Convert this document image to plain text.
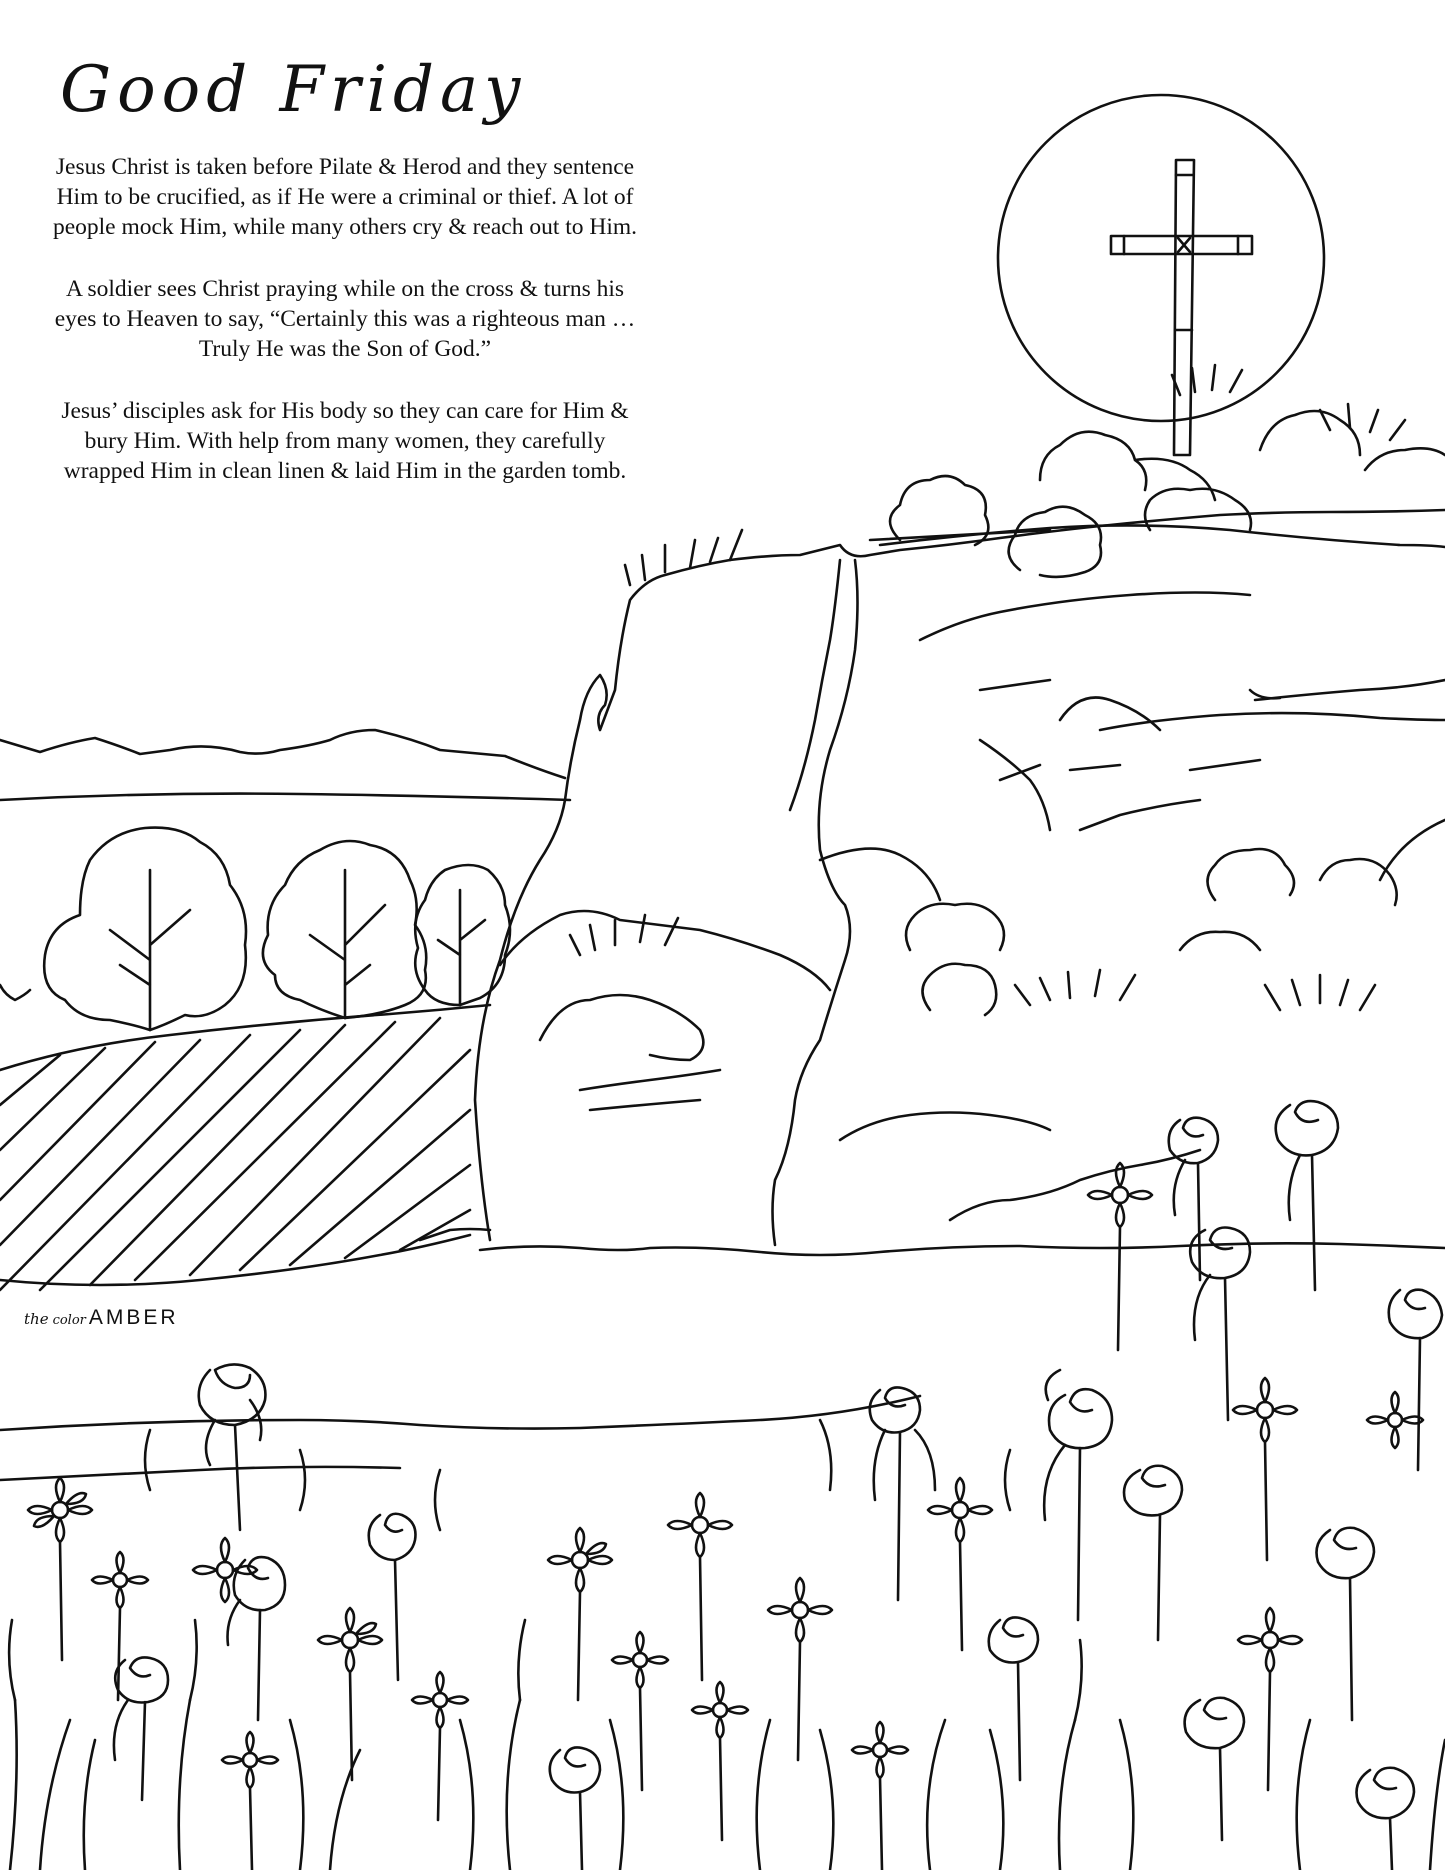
Good Friday

Jesus Christ is taken before Pilate & Herod and they sentence Him to be crucified, as if He were a criminal or thief. A lot of people mock Him, while many others cry & reach out to Him.

A soldier sees Christ praying while on the cross & turns his eyes to Heaven to say, “Certainly this was a righteous man … Truly He was the Son of God.”

Jesus’ disciples ask for His body so they can care for Him & bury Him. With help from many women, they carefully wrapped Him in clean linen & laid Him in the garden tomb.

the color AMBER
